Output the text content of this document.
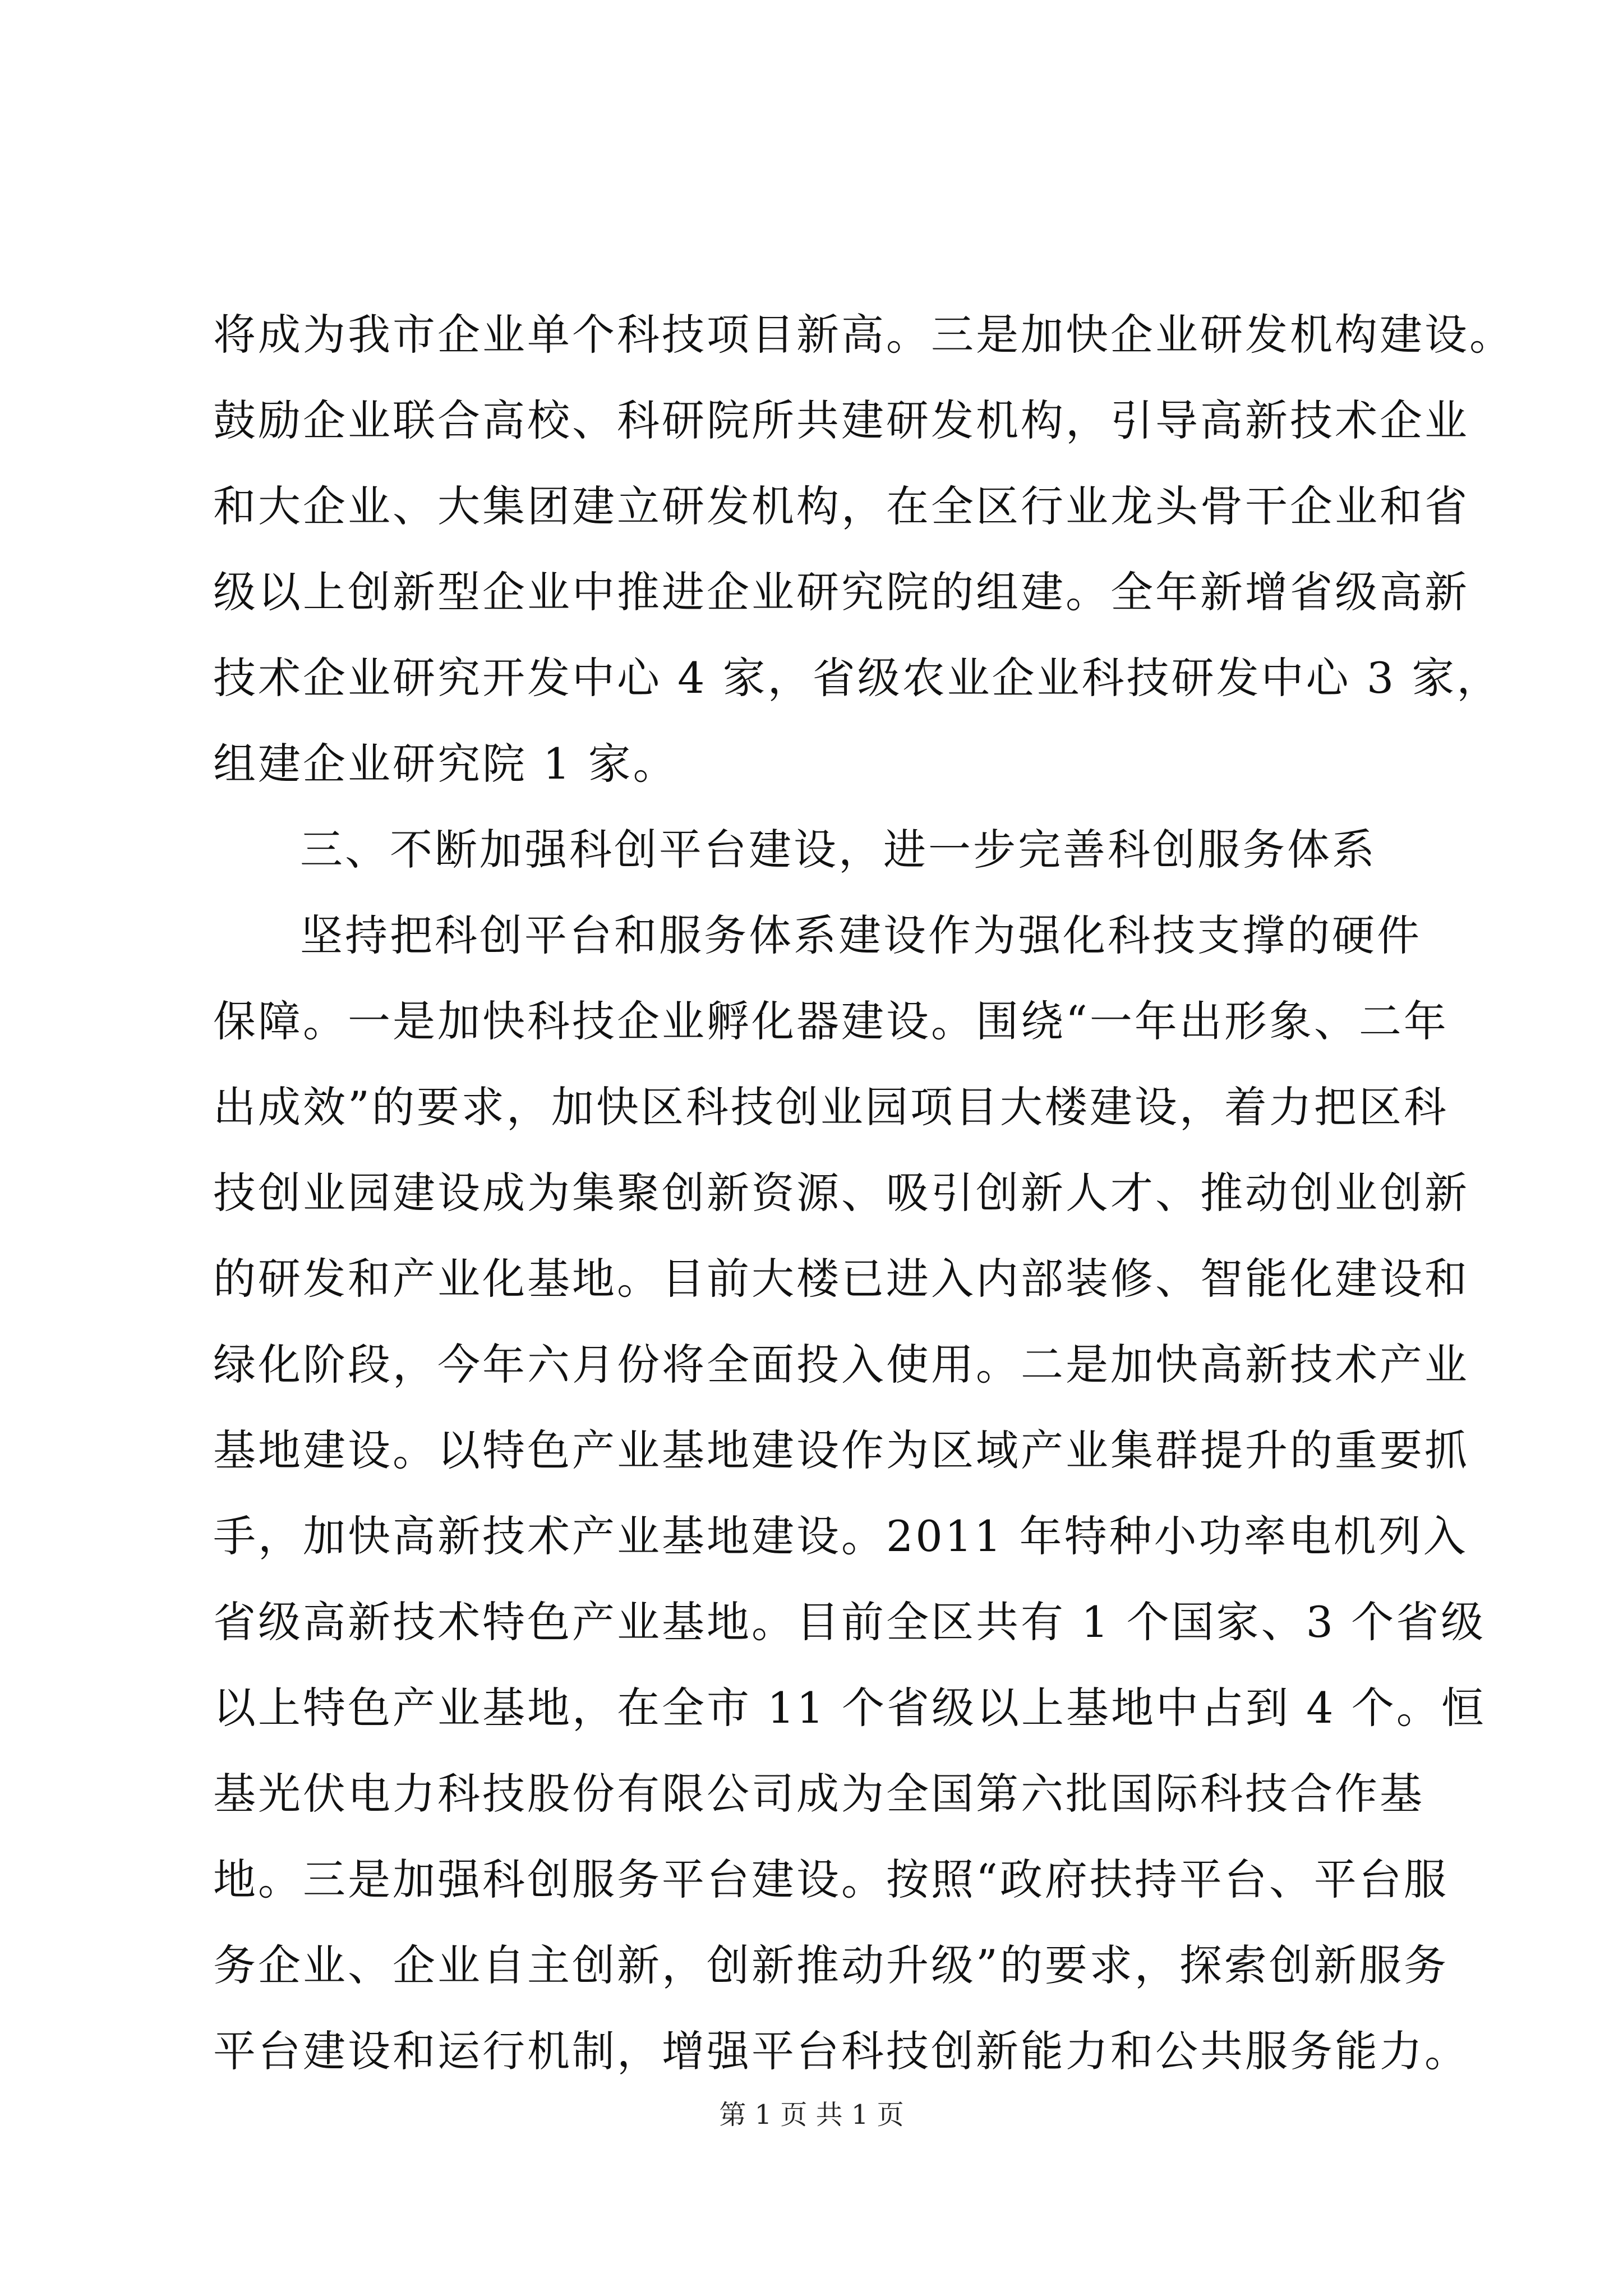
将成为我市企业单个科技项目新高。三是加快企业研发机构建设。
鼓励企业联合高校、科研院所共建研发机构，引导高新技术企业
和大企业、大集团建立研发机构，在全区行业龙头骨干企业和省
级以上创新型企业中推进企业研究院的组建。全年新增省级高新
技术企业研究开发中心 4 家，省级农业企业科技研发中心 3 家，
组建企业研究院 1 家。
三、不断加强科创平台建设，进一步完善科创服务体系
坚持把科创平台和服务体系建设作为强化科技支撑的硬件
保障。一是加快科技企业孵化器建设。围绕“一年出形象、二年
出成效”的要求，加快区科技创业园项目大楼建设，着力把区科
技创业园建设成为集聚创新资源、吸引创新人才、推动创业创新
的研发和产业化基地。目前大楼已进入内部装修、智能化建设和
绿化阶段，今年六月份将全面投入使用。二是加快高新技术产业
基地建设。以特色产业基地建设作为区域产业集群提升的重要抓
手，加快高新技术产业基地建设。2011 年特种小功率电机列入
省级高新技术特色产业基地。目前全区共有 1 个国家、3 个省级
以上特色产业基地，在全市 11 个省级以上基地中占到 4 个。恒
基光伏电力科技股份有限公司成为全国第六批国际科技合作基
地。三是加强科创服务平台建设。按照“政府扶持平台、平台服
务企业、企业自主创新，创新推动升级”的要求，探索创新服务
平台建设和运行机制，增强平台科技创新能力和公共服务能力。
第 1 页 共 1 页
